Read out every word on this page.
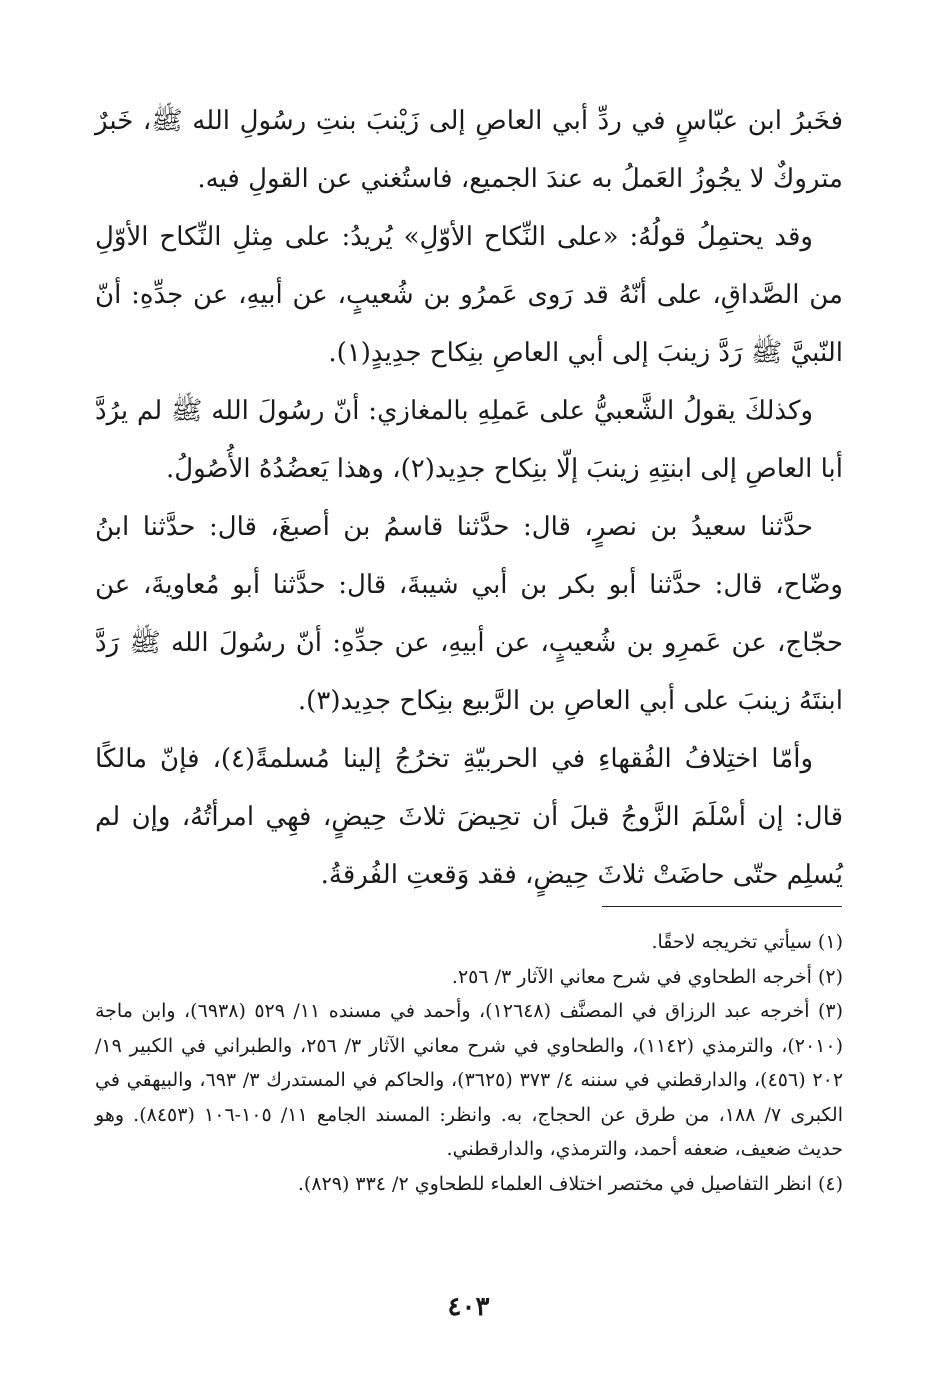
فخَبرُ ابن عبّاسٍ في ردِّ أبي العاصِ إلى زَيْنبَ بنتِ رسُولِ الله ﷺ، خَبرٌ متروكٌ لا يجُوزُ العَملُ به عندَ الجميع، فاستُغني عن القولِ فيه.

وقد يحتمِلُ قولُهُ: «على النِّكاح الأوّلِ» يُريدُ: على مِثلِ النِّكاح الأوّلِ من الصَّداقِ، على أنّهُ قد رَوى عَمرُو بن شُعيبٍ، عن أبيهِ، عن جدِّهِ: أنّ النّبيَّ ﷺ رَدَّ زينبَ إلى أبي العاصِ بنِكاح جدِيدٍ(١).

وكذلكَ يقولُ الشَّعبيُّ على عَملِهِ بالمغازي: أنّ رسُولَ الله ﷺ لم يرُدَّ أبا العاصِ إلى ابنتِهِ زينبَ إلّا بنِكاح جدِيد(٢)، وهذا يَعضُدُهُ الأُصُولُ.

حدَّثنا سعيدُ بن نصرٍ، قال: حدَّثنا قاسمُ بن أصبغَ، قال: حدَّثنا ابنُ وضّاح، قال: حدَّثنا أبو بكر بن أبي شيبةَ، قال: حدَّثنا أبو مُعاويةَ، عن حجّاج، عن عَمرِو بن شُعيبٍ، عن أبيهِ، عن جدِّهِ: أنّ رسُولَ الله ﷺ رَدَّ ابنتَهُ زينبَ على أبي العاصِ بن الرَّبيع بنِكاح جدِيد(٣).

وأمّا اختِلافُ الفُقهاءِ في الحربيّةِ تخرُجُ إلينا مُسلمةً(٤)، فإنّ مالكًا قال: إن أسْلَمَ الزَّوجُ قبلَ أن تحِيضَ ثلاثَ حِيضٍ، فهِي امرأتُهُ، وإن لم يُسلِم حتّى حاضَتْ ثلاثَ حِيضٍ، فقد وَقعتِ الفُرقةُ.

(١) سيأتي تخريجه لاحقًا.

(٢) أخرجه الطحاوي في شرح معاني الآثار ٣/ ٢٥٦.

(٣) أخرجه عبد الرزاق في المصنَّف (١٢٦٤٨)، وأحمد في مسنده ١١/ ٥٢٩ (٦٩٣٨)، وابن ماجة (٢٠١٠)، والترمذي (١١٤٢)، والطحاوي في شرح معاني الآثار ٣/ ٢٥٦، والطبراني في الكبير ١٩/ ٢٠٢ (٤٥٦)، والدارقطني في سننه ٤/ ٣٧٣ (٣٦٢٥)، والحاكم في المستدرك ٣/ ٦٩٣، والبيهقي في الكبرى ٧/ ١٨٨، من طرق عن الحجاج، به. وانظر: المسند الجامع ١١/ ١٠٥-١٠٦ (٨٤٥٣). وهو حديث ضعيف، ضعفه أحمد، والترمذي، والدارقطني.

(٤) انظر التفاصيل في مختصر اختلاف العلماء للطحاوي ٢/ ٣٣٤ (٨٢٩).

٤٠٣
